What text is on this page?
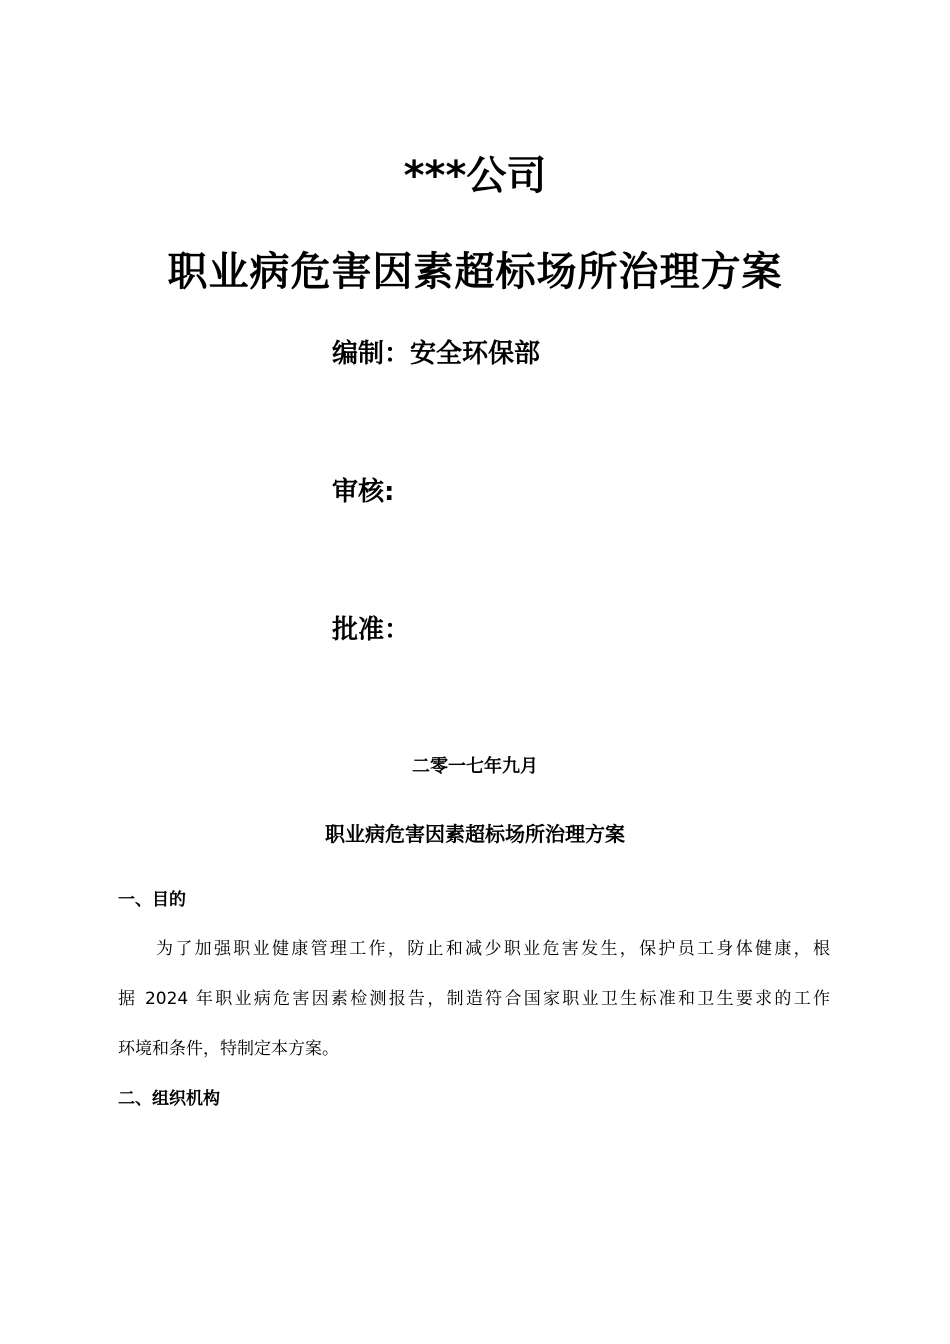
***公司
职业病危害因素超标场所治理方案
编制：安全环保部
审核:
批准：
二零一七年九月
职业病危害因素超标场所治理方案
一、目的
为了加强职业健康管理工作，防止和减少职业危害发生，保护员工身体健康，根
据 2024 年职业病危害因素检测报告，制造符合国家职业卫生标准和卫生要求的工作
环境和条件，特制定本方案。
二、组织机构
